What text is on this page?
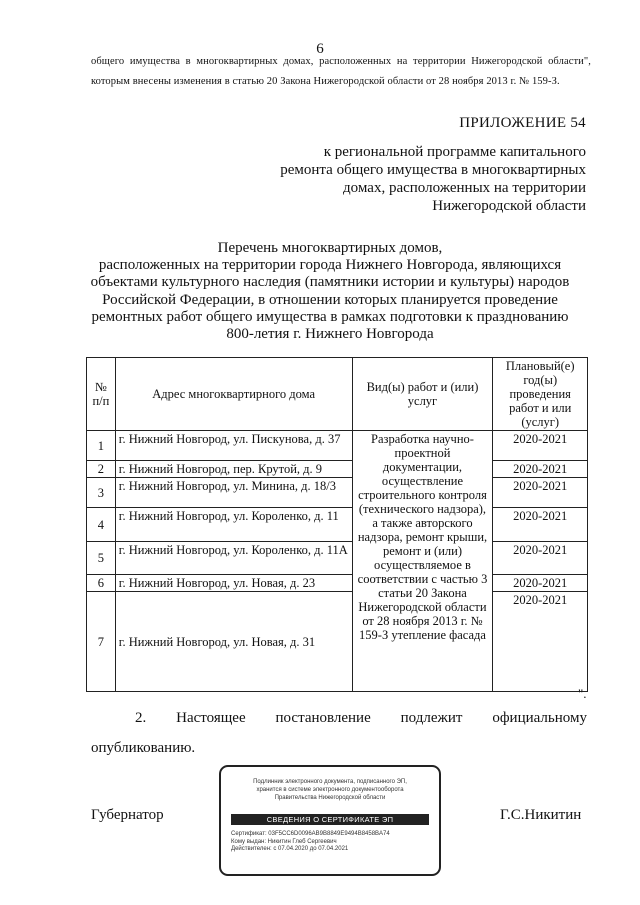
6
общего имущества в многоквартирных домах, расположенных на территории Нижегородской области",
которым внесены изменения в статью 20 Закона Нижегородской области от 28 ноября 2013 г. № 159-З.
ПРИЛОЖЕНИЕ 54
к региональной программе капитального
ремонта общего имущества в многоквартирных
домах, расположенных на территории
Нижегородской области
Перечень многоквартирных домов,
расположенных на территории города Нижнего Новгорода, являющихся
объектами культурного наследия (памятники истории и культуры) народов
Российской Федерации, в отношении которых планируется проведение
ремонтных работ общего имущества в рамках подготовки к празднованию
800-летия г. Нижнего Новгорода
№ п/п	Адрес многоквартирного дома	Вид(ы) работ и (или) услуг	Плановый(е) год(ы) проведения работ и или (услуг)
1	г. Нижний Новгород, ул. Пискунова, д. 37	Разработка научно-проектной документации, осуществление строительного контроля (технического надзора), а также авторского надзора, ремонт крыши, ремонт и (или) осуществляемое в соответствии с частью 3 статьи 20 Закона Нижегородской области от 28 ноября 2013 г. № 159-З утепление фасада	2020-2021
2	г. Нижний Новгород, пер. Крутой, д. 9		2020-2021
3	г. Нижний Новгород, ул. Минина, д. 18/3		2020-2021
4	г. Нижний Новгород, ул. Короленко, д. 11		2020-2021
5	г. Нижний Новгород, ул. Короленко, д. 11А		2020-2021
6	г. Нижний Новгород, ул. Новая, д. 23		2020-2021
7	г. Нижний Новгород, ул. Новая, д. 31		2020-2021
".
2. Настоящее постановление подлежит официальному
опубликованию.
Губернатор	Г.С.Никитин
Подлинник электронного документа, подписанного ЭП,
хранится в системе электронного документооборота
Правительства Нижегородской области
СВЕДЕНИЯ О СЕРТИФИКАТЕ ЭП
Сертификат: 03F5CC6D0096AB9B8849E9494B8458BA74
Кому выдан: Никитин Глеб Сергеевич
Действителен: с 07.04.2020 до 07.04.2021
